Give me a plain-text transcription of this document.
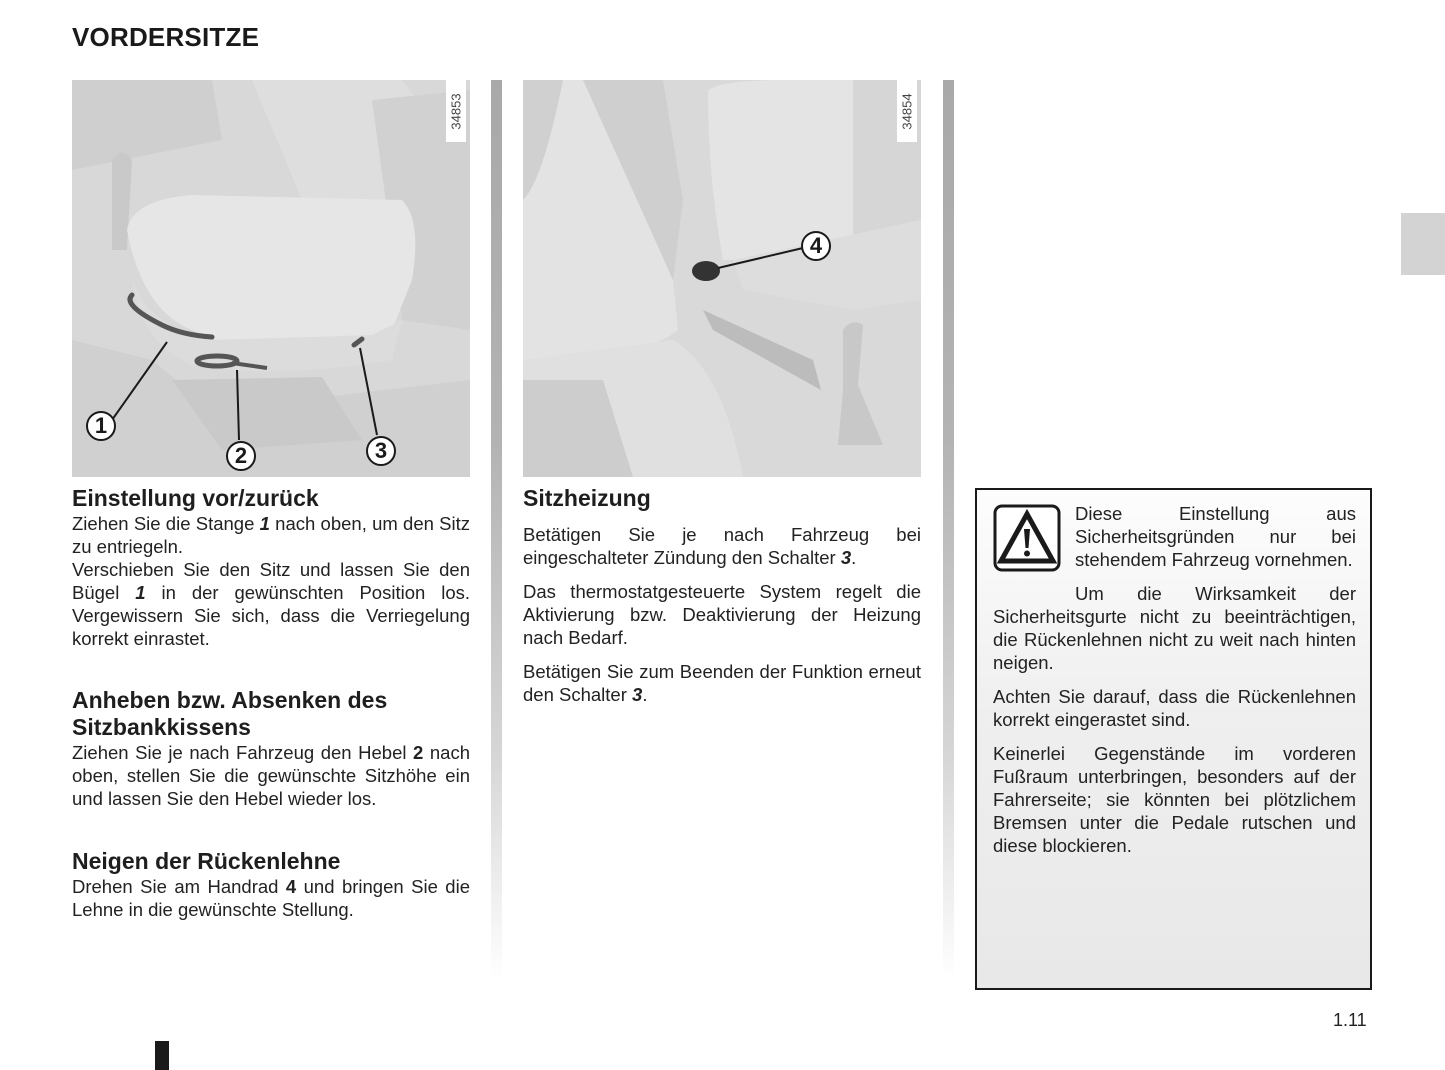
VORDERSITZE
34853
1
2	3
Einstellung vor/zurück

Ziehen Sie die Stange 1 nach oben, um den Sitz zu entriegeln.

Verschieben Sie den Sitz und lassen Sie den Bügel 1 in der gewünschten Position los. Vergewissern Sie sich, dass die Verriegelung korrekt einrastet.

Anheben bzw. Absenken des Sitzbankkissens

Ziehen Sie je nach Fahrzeug den Hebel 2 nach oben, stellen Sie die gewünschte Sitzhöhe ein und lassen Sie den Hebel wieder los.

Neigen der Rückenlehne

Drehen Sie am Handrad 4 und bringen Sie die Lehne in die gewünschte Stellung.

34854
4
Sitzheizung

Betätigen Sie je nach Fahrzeug bei eingeschalteter Zündung den Schalter 3.

Das thermostatgesteuerte System regelt die Aktivierung bzw. Deaktivierung der Heizung nach Bedarf.

Betätigen Sie zum Beenden der Funktion erneut den Schalter 3.

Diese Einstellung aus Sicherheitsgründen nur bei stehendem Fahrzeug vornehmen.

Um die Wirksamkeit der Sicherheitsgurte nicht zu beeinträchtigen, die Rückenlehnen nicht zu weit nach hinten neigen.

Achten Sie darauf, dass die Rückenlehnen korrekt eingerastet sind.

Keinerlei Gegenstände im vorderen Fußraum unterbringen, besonders auf der Fahrerseite; sie könnten bei plötzlichem Bremsen unter die Pedale rutschen und diese blockieren.

1.11
